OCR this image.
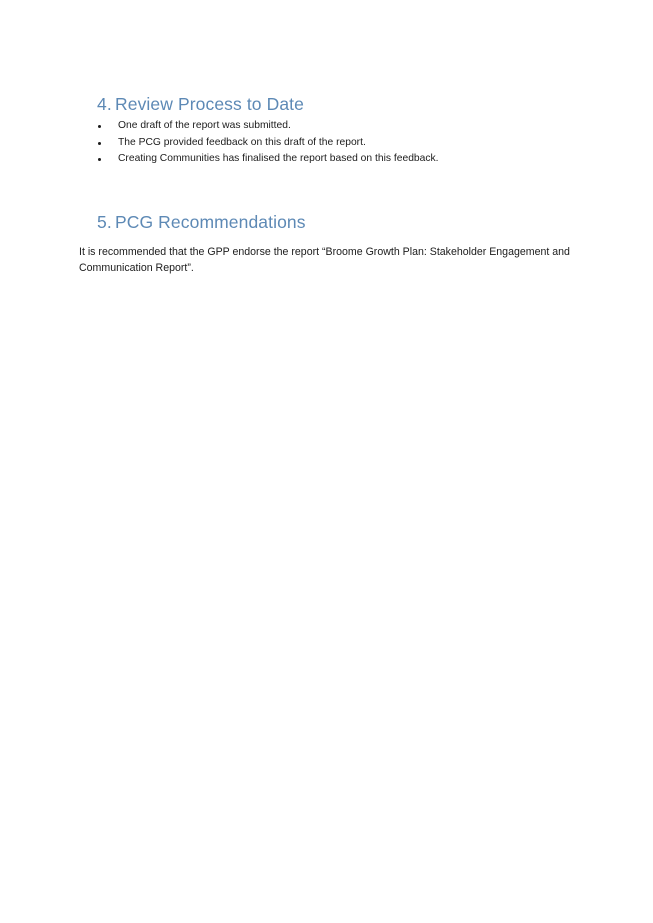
4. Review Process to Date
One draft of the report was submitted.
The PCG provided feedback on this draft of the report.
Creating Communities has finalised the report based on this feedback.
5. PCG Recommendations

It is recommended that the GPP endorse the report “Broome Growth Plan: Stakeholder Engagement and Communication Report”.
